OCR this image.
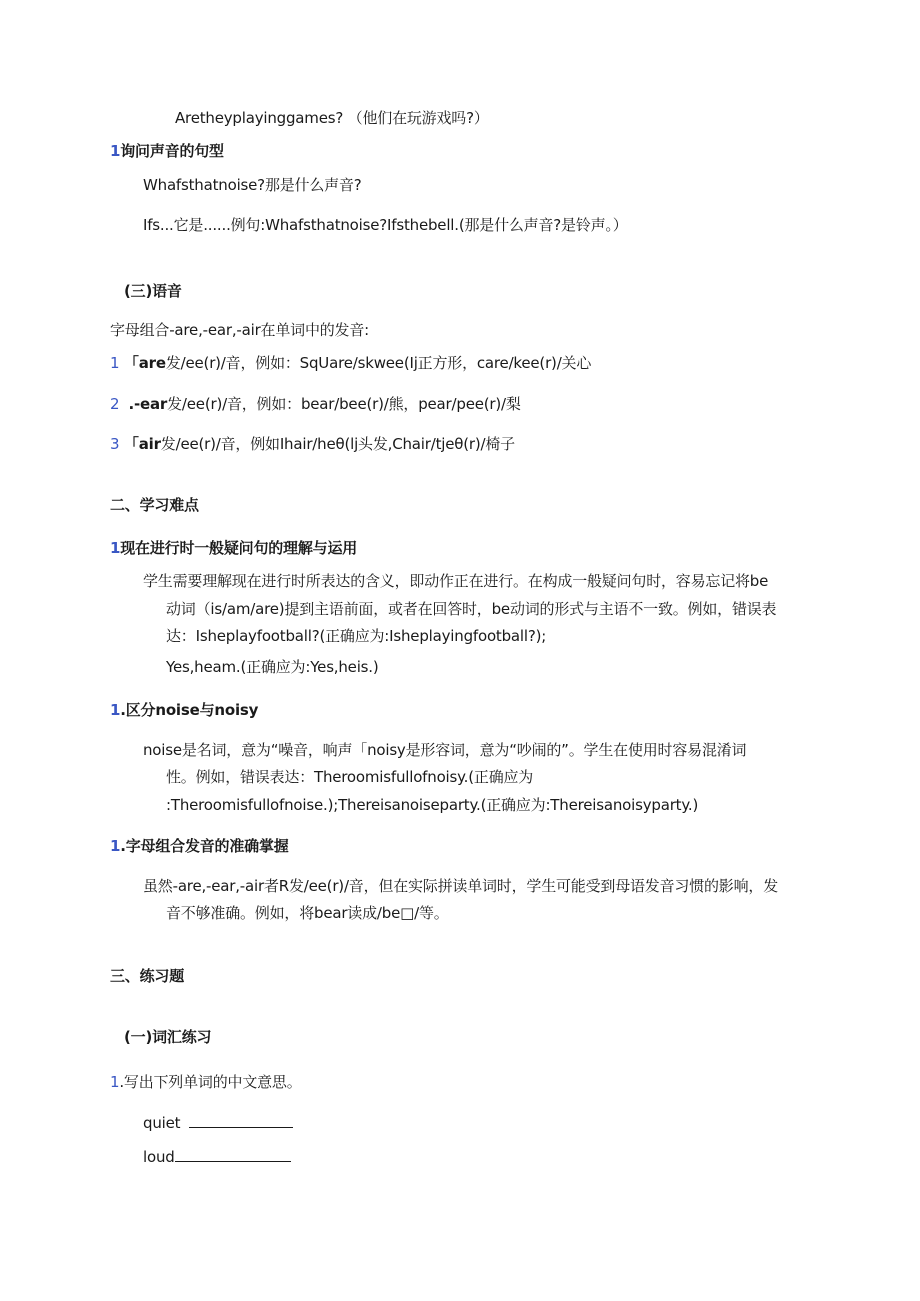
Aretheyplayinggames? （他们在玩游戏吗?）
1询问声音的句型
Whafsthatnoise?那是什么声音?
Ifs...它是......例句:Whafsthatnoise?Ifsthebell.(那是什么声音?是铃声。）
(三)语音
字母组合-are,-ear,-air在单词中的发音:
1 「are发/ee(r)/音，例如：SqUare∕skwee(Ij正方形，care/kee(r)/关心
2 .-ear发/ee(r)/音，例如：bear/bee(r)/熊，pear/pee(r)/梨
3 「air发/ee(r)/音，例如Ihair∕heθ(lj头发,Chair/tjeθ(r)/椅子
二、学习难点
1现在进行时一般疑问句的理解与运用
学生需要理解现在进行时所表达的含义，即动作正在进行。在构成一般疑问句时，容易忘记将be
动词（is/am/are)提到主语前面，或者在回答时，be动词的形式与主语不一致。例如，错误表
达：Isheplayfootball?(正确应为:Isheplayingfootball?);
Yes,heam.(正确应为:Yes,heis.)
1.区分noise与noisy
noise是名词，意为“噪音，响声「noisy是形容词，意为“吵闹的”。学生在使用时容易混淆词
性。例如，错误表达：Theroomisfullofnoisy.(正确应为
:Theroomisfullofnoise.);Thereisanoiseparty.(正确应为:Thereisanoisyparty.)
1.字母组合发音的准确掌握
虽然-are,-ear,-air者R发/ee(r)/音，但在实际拼读单词时，学生可能受到母语发音习惯的影响，发
音不够准确。例如，将bear读成∕be□∕等。
三、练习题
(一)词汇练习
1.写出下列单词的中文意思。
quiet
loud
